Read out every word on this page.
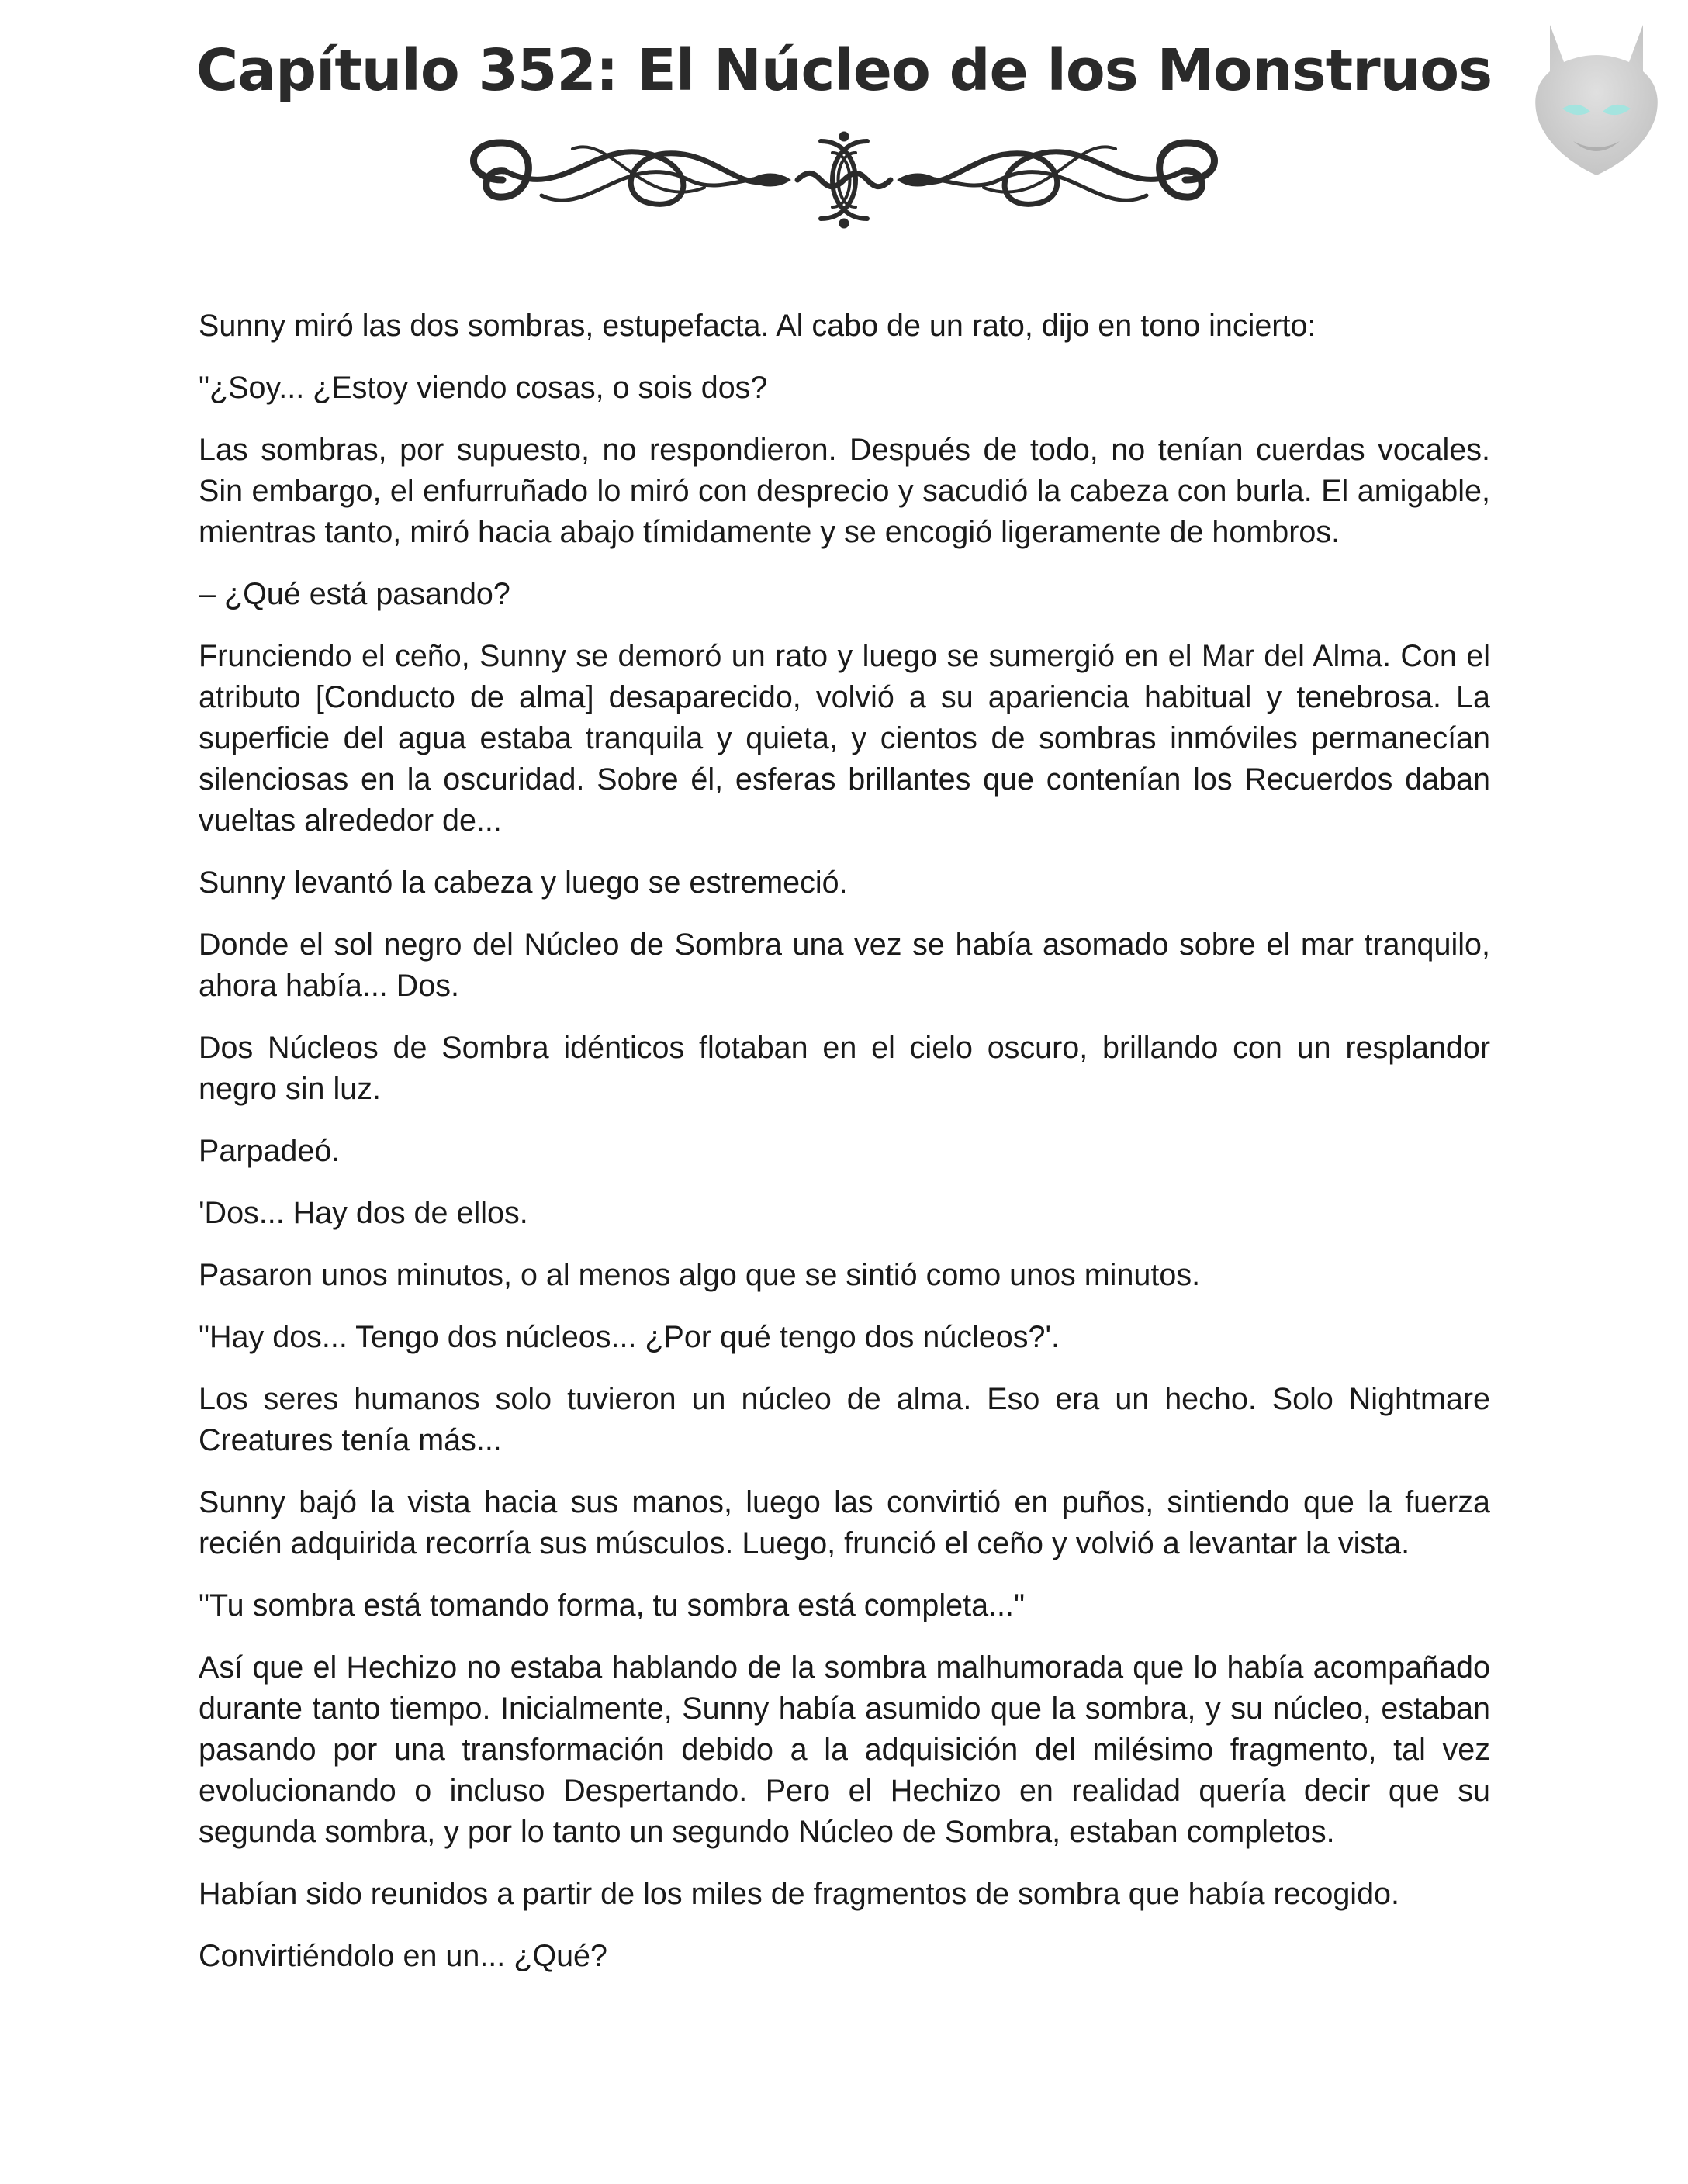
Capítulo 352: El Núcleo de los Monstruos

Sunny miró las dos sombras, estupefacta. Al cabo de un rato, dijo en tono incierto:

"¿Soy... ¿Estoy viendo cosas, o sois dos?

Las sombras, por supuesto, no respondieron. Después de todo, no tenían cuerdas vocales. Sin embargo, el enfurruñado lo miró con desprecio y sacudió la cabeza con burla. El amigable, mientras tanto, miró hacia abajo tímidamente y se encogió ligeramente de hombros.

– ¿Qué está pasando?

Frunciendo el ceño, Sunny se demoró un rato y luego se sumergió en el Mar del Alma. Con el atributo [Conducto de alma] desaparecido, volvió a su apariencia habitual y tenebrosa. La superficie del agua estaba tranquila y quieta, y cientos de sombras inmóviles permanecían silenciosas en la oscuridad. Sobre él, esferas brillantes que contenían los Recuerdos daban vueltas alrededor de...

Sunny levantó la cabeza y luego se estremeció.

Donde el sol negro del Núcleo de Sombra una vez se había asomado sobre el mar tranquilo, ahora había... Dos.

Dos Núcleos de Sombra idénticos flotaban en el cielo oscuro, brillando con un resplandor negro sin luz.

Parpadeó.

'Dos... Hay dos de ellos.

Pasaron unos minutos, o al menos algo que se sintió como unos minutos.

"Hay dos... Tengo dos núcleos... ¿Por qué tengo dos núcleos?'.

Los seres humanos solo tuvieron un núcleo de alma. Eso era un hecho. Solo Nightmare Creatures tenía más...

Sunny bajó la vista hacia sus manos, luego las convirtió en puños, sintiendo que la fuerza recién adquirida recorría sus músculos. Luego, frunció el ceño y volvió a levantar la vista.

"Tu sombra está tomando forma, tu sombra está completa..."

Así que el Hechizo no estaba hablando de la sombra malhumorada que lo había acompañado durante tanto tiempo. Inicialmente, Sunny había asumido que la sombra, y su núcleo, estaban pasando por una transformación debido a la adquisición del milésimo fragmento, tal vez evolucionando o incluso Despertando. Pero el Hechizo en realidad quería decir que su segunda sombra, y por lo tanto un segundo Núcleo de Sombra, estaban completos.

Habían sido reunidos a partir de los miles de fragmentos de sombra que había recogido.

Convirtiéndolo en un... ¿Qué?
